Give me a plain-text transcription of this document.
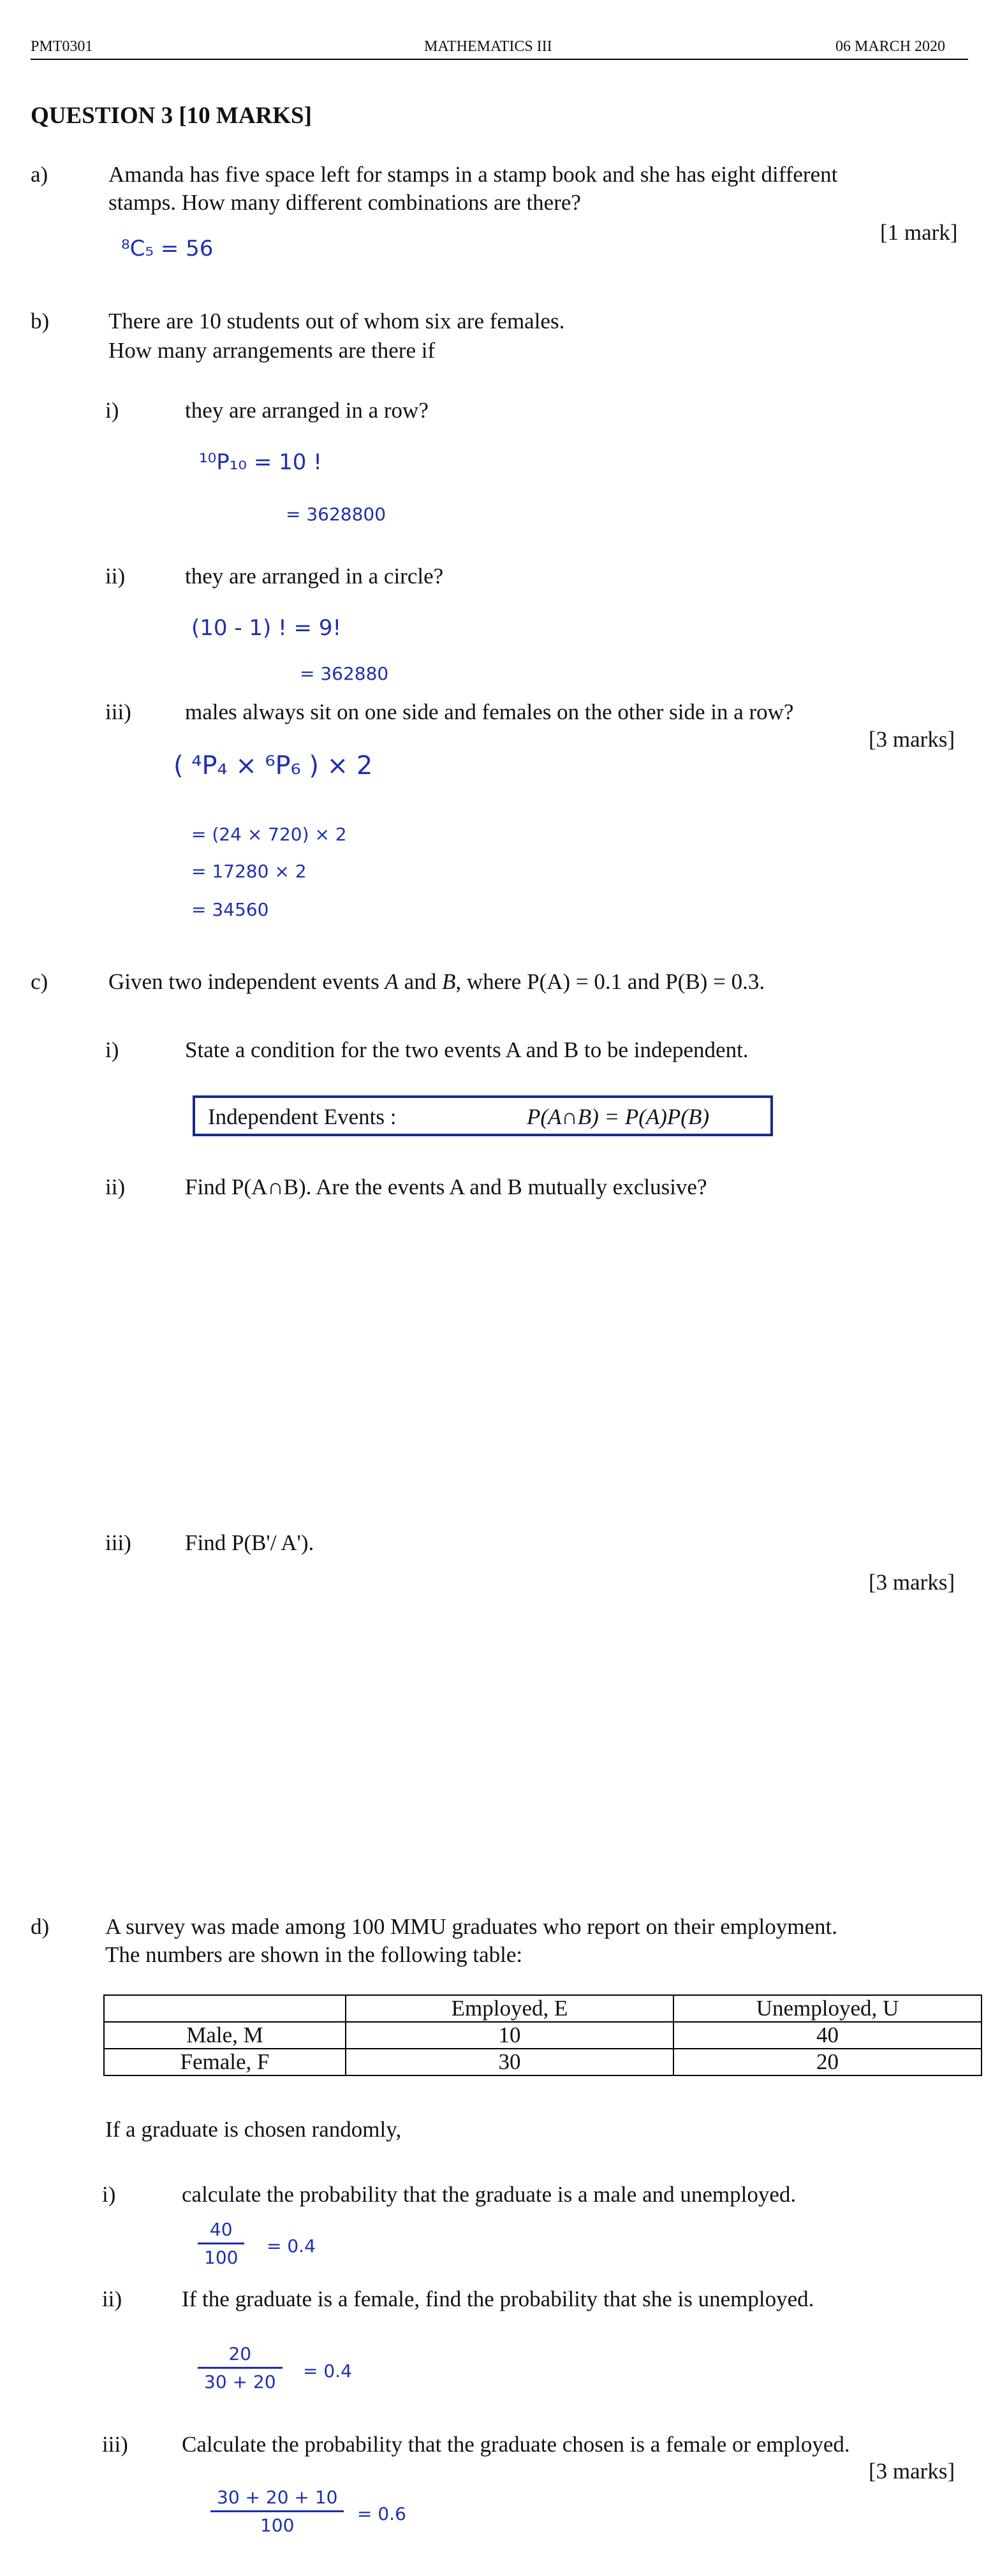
PMT0301	MATHEMATICS III	06 MARCH 2020
QUESTION 3 [10 MARKS]
a)	Amanda has five space left for stamps in a stamp book and she has eight different
stamps. How many different combinations are there?
[1 mark]
⁸C₅ = 56
b)	There are 10 students out of whom six are females.
How many arrangements are there if
i)	they are arranged in a row?
¹⁰P₁₀ = 10 !
= 3628800
ii)	they are arranged in a circle?
(10 - 1) ! = 9!
= 362880
iii) males always sit on one side and females on the other side in a row?
[3 marks]
( ⁴P₄ × ⁶P₆ ) × 2
= (24 × 720) × 2
= 17280 × 2
= 34560
c)	Given two independent events A and B, where P(A) = 0.1 and P(B) = 0.3.
i)	State a condition for the two events A and B to be independent.
Independent Events :	P(A∩B) = P(A)P(B)
ii)	Find P(A∩B). Are the events A and B mutually exclusive?
iii) Find P(B'/ A').
[3 marks]
d)	A survey was made among 100 MMU graduates who report on their employment.
The numbers are shown in the following table:
	Employed, E	Unemployed, U
Male, M	10	40
Female, F	30	20
If a graduate is chosen randomly,
i)	calculate the probability that the graduate is a male and unemployed.
40
100
= 0.4
ii)	If the graduate is a female, find the probability that she is unemployed.
20
30 + 20
= 0.4
iii) Calculate the probability that the graduate chosen is a female or employed.
[3 marks]
30 + 20 + 10
100
= 0.6
